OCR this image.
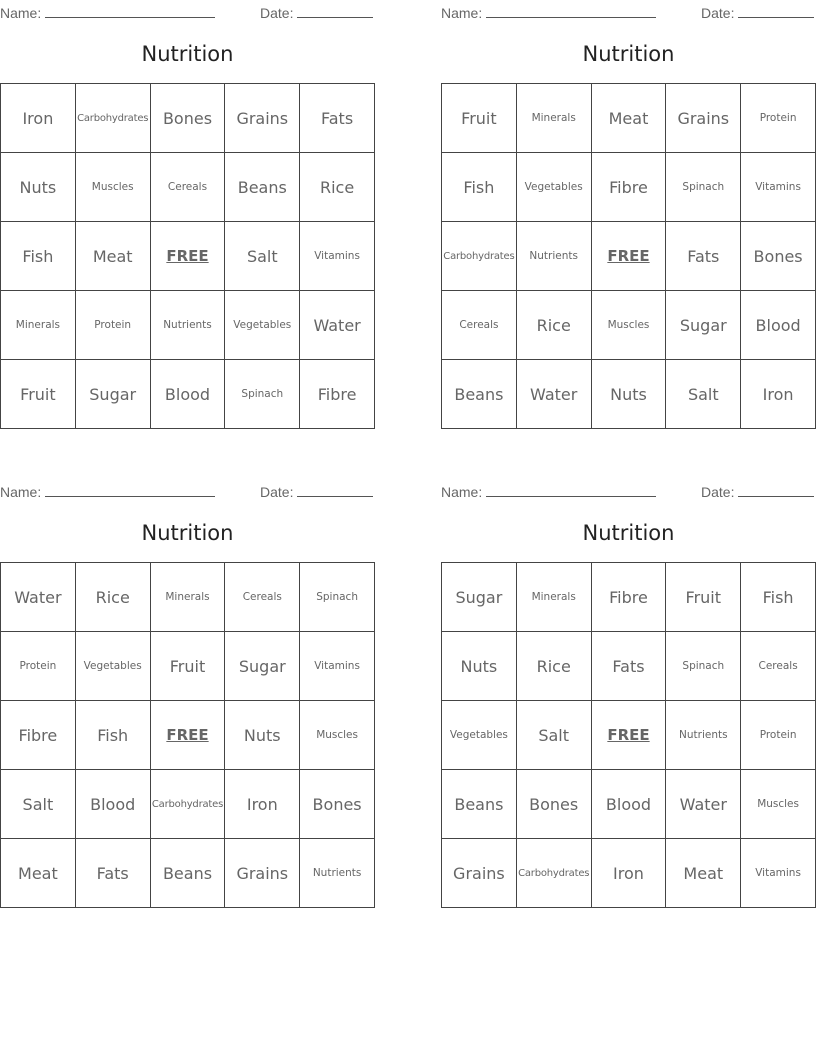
Name:	Date:
Nutrition
Iron	Carbohydrates	Bones	Grains	Fats
Nuts	Muscles	Cereals	Beans	Rice
Fish	Meat	FREE	Salt	Vitamins
Minerals	Protein	Nutrients	Vegetables	Water
Fruit	Sugar	Blood	Spinach	Fibre
Name:	Date:
Nutrition
Fruit	Minerals	Meat	Grains	Protein
Fish	Vegetables	Fibre	Spinach	Vitamins
Carbohydrates	Nutrients	FREE	Fats	Bones
Cereals	Rice	Muscles	Sugar	Blood
Beans	Water	Nuts	Salt	Iron
Name:	Date:
Nutrition
Water	Rice	Minerals	Cereals	Spinach
Protein	Vegetables	Fruit	Sugar	Vitamins
Fibre	Fish	FREE	Nuts	Muscles
Salt	Blood	Carbohydrates	Iron	Bones
Meat	Fats	Beans	Grains	Nutrients
Name:	Date:
Nutrition
Sugar	Minerals	Fibre	Fruit	Fish
Nuts	Rice	Fats	Spinach	Cereals
Vegetables	Salt	FREE	Nutrients	Protein
Beans	Bones	Blood	Water	Muscles
Grains	Carbohydrates	Iron	Meat	Vitamins
